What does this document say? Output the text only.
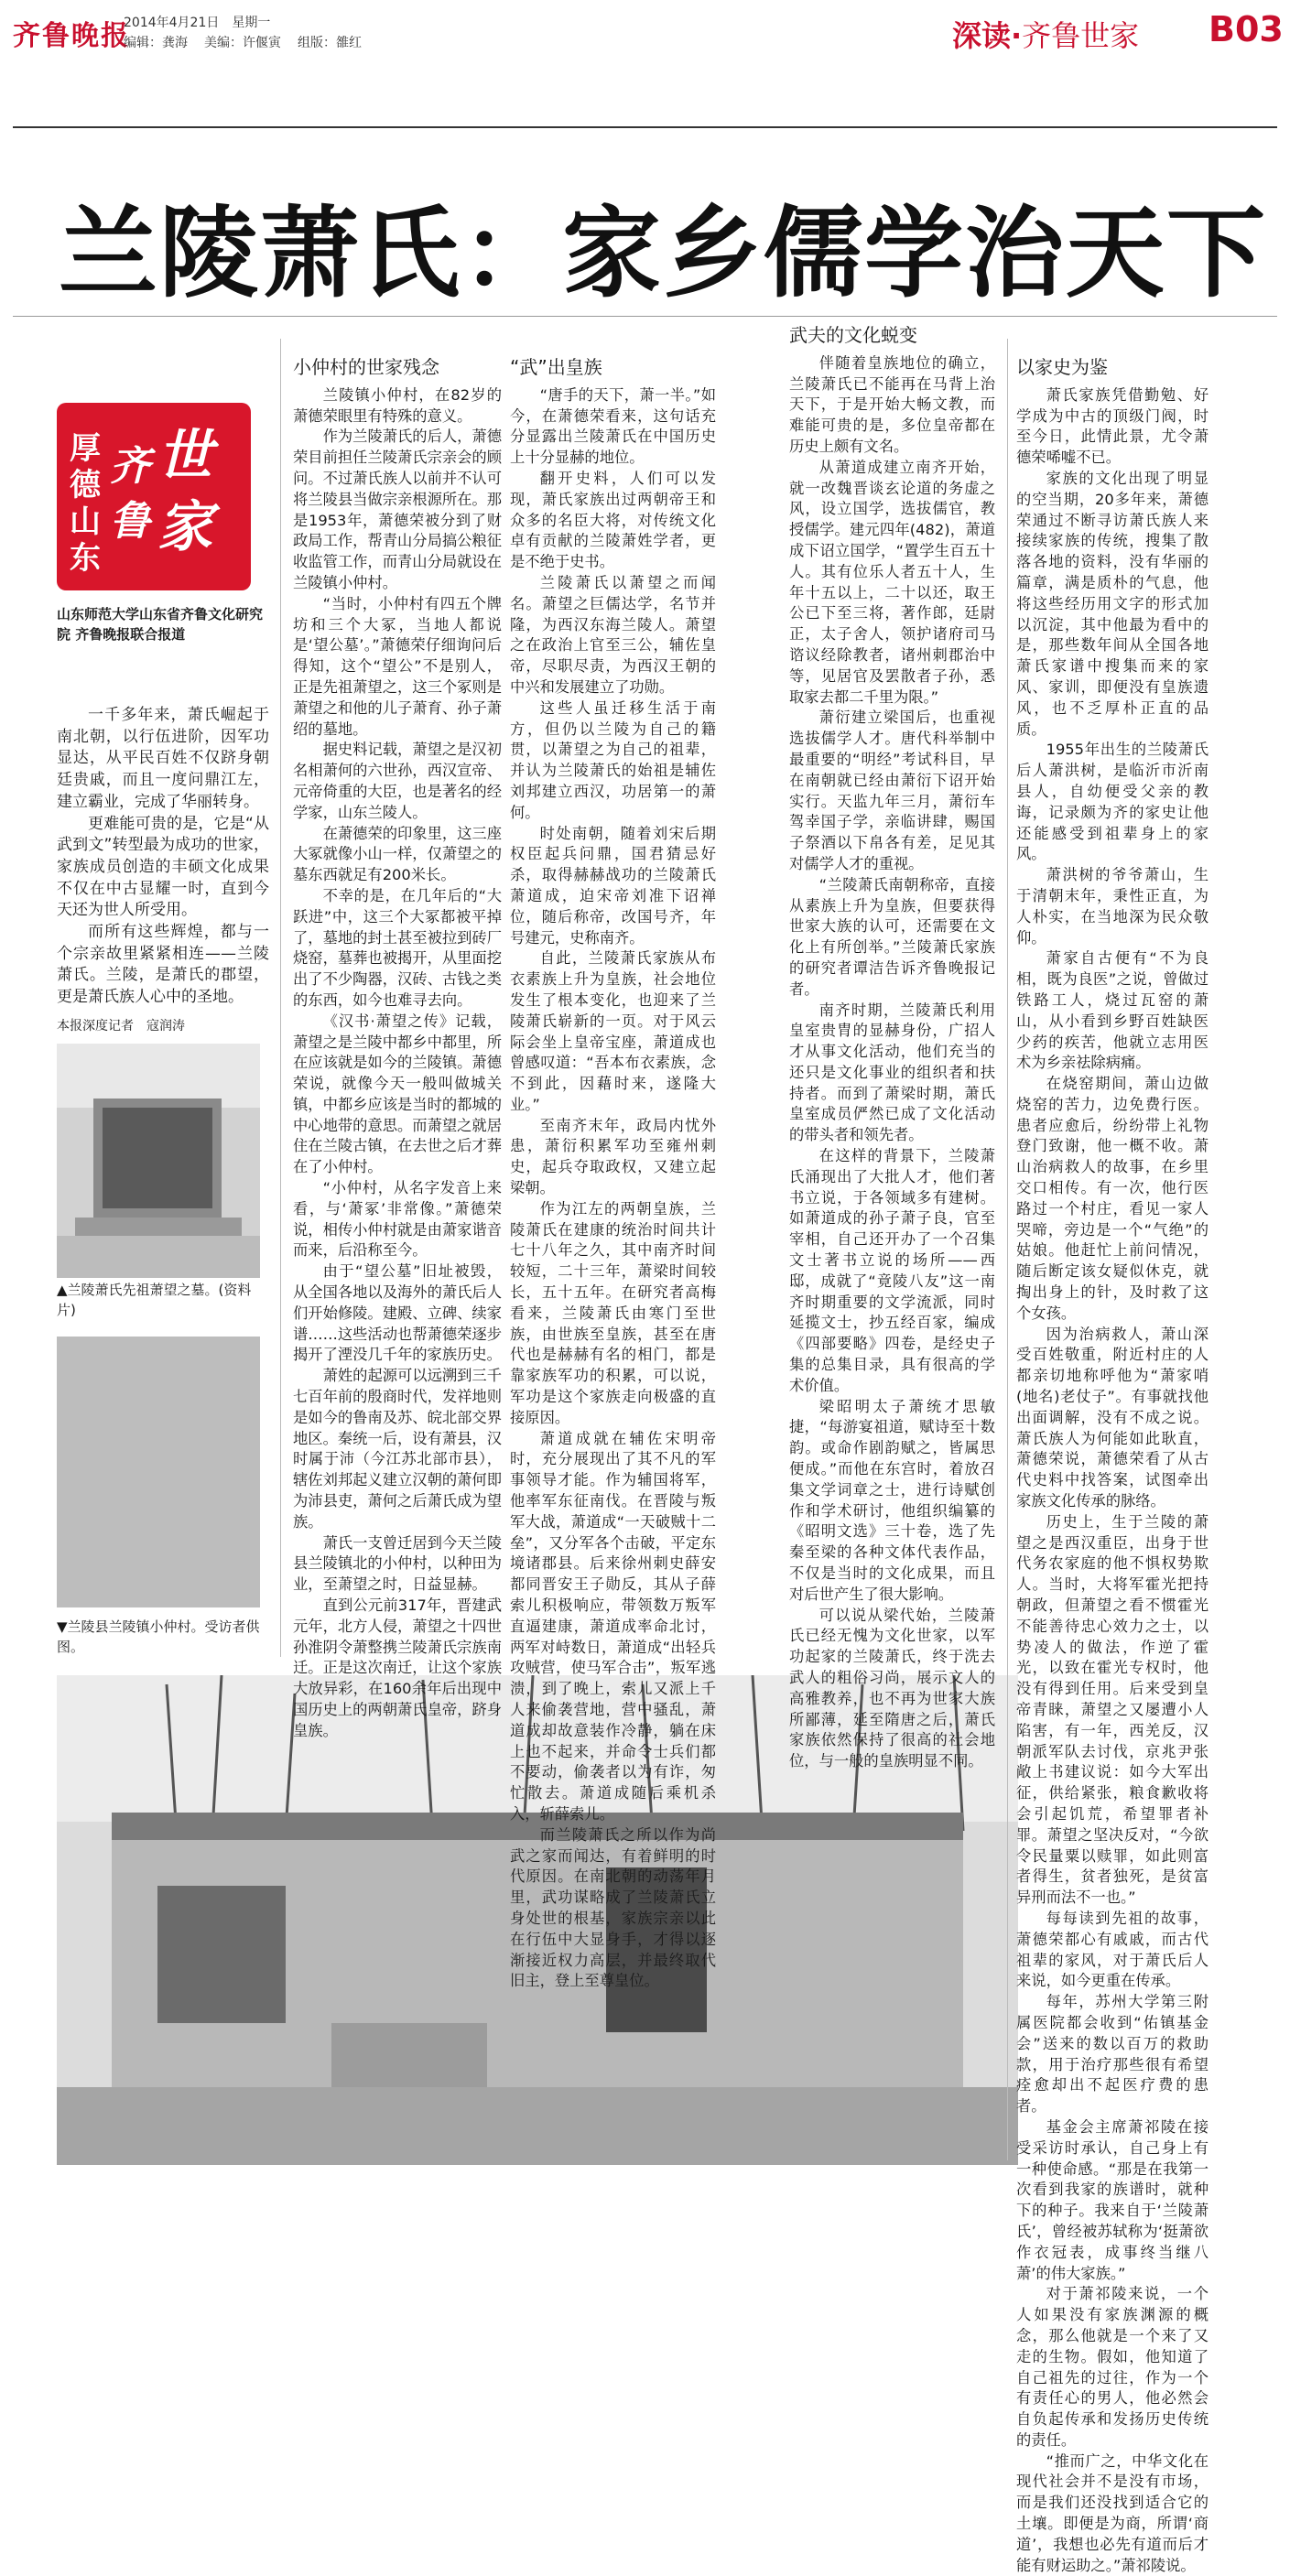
齐鲁晚报
2014年4月21日 星期一
编辑：龚海 美编：许偃寅 组版：雒红	深读·齐鲁世家 B03
兰陵萧氏：家乡儒学治天下
厚德山东
齐鲁
世
家
山东师范大学山东省齐鲁文化研究院 齐鲁晚报联合报道

一千多年来，萧氏崛起于南北朝，以行伍进阶，因军功显达，从平民百姓不仅跻身朝廷贵戚，而且一度问鼎江左，建立霸业，完成了华丽转身。

更难能可贵的是，它是“从武到文”转型最为成功的世家，家族成员创造的丰硕文化成果不仅在中古显耀一时，直到今天还为世人所受用。

而所有这些辉煌，都与一个宗亲故里紧紧相连——兰陵萧氏。兰陵，是萧氏的郡望，更是萧氏族人心中的圣地。

本报深度记者　寇润涛
▲兰陵萧氏先祖萧望之墓。(资料片)
▼兰陵县兰陵镇小仲村。受访者供图。
小仲村的世家残念

兰陵镇小仲村，在82岁的萧德荣眼里有特殊的意义。

作为兰陵萧氏的后人，萧德荣目前担任兰陵萧氏宗亲会的顾问。不过萧氏族人以前并不认可将兰陵县当做宗亲根源所在。那是1953年，萧德荣被分到了财政局工作，帮青山分局搞公粮征收监管工作，而青山分局就设在兰陵镇小仲村。

“当时，小仲村有四五个牌坊和三个大冢，当地人都说是‘望公墓’。”萧德荣仔细询问后得知，这个“望公”不是别人，正是先祖萧望之，这三个冢则是萧望之和他的儿子萧育、孙子萧绍的墓地。

据史料记载，萧望之是汉初名相萧何的六世孙，西汉宣帝、元帝倚重的大臣，也是著名的经学家，山东兰陵人。

在萧德荣的印象里，这三座大冢就像小山一样，仅萧望之的墓东西就足有200米长。

不幸的是，在几年后的“大跃进”中，这三个大冢都被平掉了，墓地的封土甚至被拉到砖厂烧窑，墓葬也被揭开，从里面挖出了不少陶器，汉砖、古钱之类的东西，如今也难寻去向。

《汉书·萧望之传》记载，萧望之是兰陵中都乡中都里，所在应该就是如今的兰陵镇。萧德荣说，就像今天一般叫做城关镇，中都乡应该是当时的都城的中心地带的意思。而萧望之就居住在兰陵古镇，在去世之后才葬在了小仲村。

“小仲村，从名字发音上来看，与‘萧冢’非常像。”萧德荣说，相传小仲村就是由萧家谐音而来，后沿称至今。

由于“望公墓”旧址被毁，从全国各地以及海外的萧氏后人们开始修陵。建殿、立碑、续家谱……这些活动也帮萧德荣逐步揭开了湮没几千年的家族历史。

萧姓的起源可以远溯到三千七百年前的殷商时代，发祥地则是如今的鲁南及苏、皖北部交界地区。秦统一后，设有萧县，汉时属于沛（今江苏北部市县），辖佐刘邦起义建立汉朝的萧何即为沛县吏，萧何之后萧氏成为望族。

萧氏一支曾迁居到今天兰陵县兰陵镇北的小仲村，以种田为业，至萧望之时，日益显赫。

直到公元前317年，晋建武元年，北方人侵，萧望之十四世孙淮阴令萧整携兰陵萧氏宗族南迁。正是这次南迁，让这个家族大放异彩，在160余年后出现中国历史上的两朝萧氏皇帝，跻身皇族。

“武”出皇族

“唐手的天下，萧一半。”如今，在萧德荣看来，这句话充分显露出兰陵萧氏在中国历史上十分显赫的地位。

翻开史料，人们可以发现，萧氏家族出过两朝帝王和众多的名臣大将，对传统文化卓有贡献的兰陵萧姓学者，更是不绝于史书。

兰陵萧氏以萧望之而闻名。萧望之巨儒达学，名节并隆，为西汉东海兰陵人。萧望之在政治上官至三公，辅佐皇帝，尽职尽责，为西汉王朝的中兴和发展建立了功勋。

这些人虽迁移生活于南方，但仍以兰陵为自己的籍贯，以萧望之为自己的祖辈，并认为兰陵萧氏的始祖是辅佐刘邦建立西汉，功居第一的萧何。

时处南朝，随着刘宋后期权臣起兵问鼎，国君猜忌好杀，取得赫赫战功的兰陵萧氏萧道成，迫宋帝刘准下诏禅位，随后称帝，改国号齐，年号建元，史称南齐。

自此，兰陵萧氏家族从布衣素族上升为皇族，社会地位发生了根本变化，也迎来了兰陵萧氏崭新的一页。对于风云际会坐上皇帝宝座，萧道成也曾感叹道：“吾本布衣素族，念不到此，因藉时来，遂隆大业。”

至南齐末年，政局内忧外患，萧衍积累军功至雍州刺史，起兵夺取政权，又建立起梁朝。

作为江左的两朝皇族，兰陵萧氏在建康的统治时间共计七十八年之久，其中南齐时间较短，二十三年，萧梁时间较长，五十五年。在研究者高梅看来，兰陵萧氏由寒门至世族，由世族至皇族，甚至在唐代也是赫赫有名的相门，都是靠家族军功的积累，可以说，军功是这个家族走向极盛的直接原因。

萧道成就在辅佐宋明帝时，充分展现出了其不凡的军事领导才能。作为辅国将军，他率军东征南伐。在晋陵与叛军大战，萧道成“一天破贼十二垒”，又分军各个击破，平定东境诸郡县。后来徐州刺史薛安都同晋安王子勋反，其从子薛索儿积极响应，带领数万叛军直逼建康，萧道成率命北讨，两军对峙数日，萧道成“出轻兵攻贼营，使马军合击”，叛军逃溃，到了晚上，索儿又派上千人来偷袭营地，营中骚乱，萧道成却故意装作冷静，躺在床上也不起来，并命令士兵们都不要动，偷袭者以为有诈，匆忙散去。萧道成随后乘机杀入，斩薛索儿。

而兰陵萧氏之所以作为尚武之家而闻达，有着鲜明的时代原因。在南北朝的动荡年月里，武功谋略成了兰陵萧氏立身处世的根基，家族宗亲以此在行伍中大显身手，才得以逐渐接近权力高层，并最终取代旧主，登上至尊皇位。

武夫的文化蜕变

伴随着皇族地位的确立，兰陵萧氏已不能再在马背上治天下，于是开始大畅文教，而难能可贵的是，多位皇帝都在历史上颇有文名。

从萧道成建立南齐开始，就一改魏晋谈玄论道的务虚之风，设立国学，选拔儒官，教授儒学。建元四年(482)，萧道成下诏立国学，“置学生百五十人。其有位乐人者五十人，生年十五以上，二十以还，取王公已下至三将，著作郎，廷尉正，太子舍人，领护诸府司马谘议经除教者，诸州刺郡治中等，见居官及罢散者子孙，悉取家去都二千里为限。”

萧衍建立梁国后，也重视选拔儒学人才。唐代科举制中最重要的“明经”考试科目，早在南朝就已经由萧衍下诏开始实行。天监九年三月，萧衍车驾幸国子学，亲临讲肆，赐国子祭酒以下帛各有差，足见其对儒学人才的重视。

“兰陵萧氏南朝称帝，直接从素族上升为皇族，但要获得世家大族的认可，还需要在文化上有所创举。”兰陵萧氏家族的研究者谭洁告诉齐鲁晚报记者。

南齐时期，兰陵萧氏利用皇室贵胄的显赫身份，广招人才从事文化活动，他们充当的还只是文化事业的组织者和扶持者。而到了萧梁时期，萧氏皇室成员俨然已成了文化活动的带头者和领先者。

在这样的背景下，兰陵萧氏涌现出了大批人才，他们著书立说，于各领域多有建树。如萧道成的孙子萧子良，官至宰相，自己还开办了一个召集文士著书立说的场所——西邸，成就了“竟陵八友”这一南齐时期重要的文学流派，同时延揽文士，抄五经百家，编成《四部要略》四卷，是经史子集的总集目录，具有很高的学术价值。

梁昭明太子萧统才思敏捷，“每游宴祖道，赋诗至十数韵。或命作剧韵赋之，皆属思便成。”而他在东宫时，着放召集文学词章之士，进行诗赋创作和学术研讨，他组织编纂的《昭明文选》三十卷，选了先秦至梁的各种文体代表作品，不仅是当时的文化成果，而且对后世产生了很大影响。

可以说从梁代始，兰陵萧氏已经无愧为文化世家，以军功起家的兰陵萧氏，终于洗去武人的粗俗习尚，展示文人的高雅教养，也不再为世家大族所鄙薄，延至隋唐之后，萧氏家族依然保持了很高的社会地位，与一般的皇族明显不同。

以家史为鉴

萧氏家族凭借勤勉、好学成为中古的顶级门阀，时至今日，此情此景，尤令萧德荣唏嘘不已。

家族的文化出现了明显的空当期，20多年来，萧德荣通过不断寻访萧氏族人来接续家族的传统，搜集了散落各地的资料，没有华丽的篇章，满是质朴的气息，他将这些经历用文字的形式加以沉淀，其中他最为看中的是，那些数年间从全国各地萧氏家谱中搜集而来的家风、家训，即便没有皇族遗风，也不乏厚朴正直的品质。

1955年出生的兰陵萧氏后人萧洪树，是临沂市沂南县人，自幼便受父亲的教诲，记录颇为齐的家史让他还能感受到祖辈身上的家风。

萧洪树的爷爷萧山，生于清朝末年，秉性正直，为人朴实，在当地深为民众敬仰。

萧家自古便有“不为良相，既为良医”之说，曾做过铁路工人，烧过瓦窑的萧山，从小看到乡野百姓缺医少药的疾苦，他就立志用医术为乡亲祛除病痛。

在烧窑期间，萧山边做烧窑的苦力，边免费行医。患者应愈后，纷纷带上礼物登门致谢，他一概不收。萧山治病救人的故事，在乡里交口相传。有一次，他行医路过一个村庄，看见一家人哭啼，旁边是一个“气绝”的姑娘。他赶忙上前问情况，随后断定该女疑似休克，就掏出身上的针，及时救了这个女孩。

因为治病救人，萧山深受百姓敬重，附近村庄的人都亲切地称呼他为“萧家哨(地名)老仗子”。有事就找他出面调解，没有不成之说。萧氏族人为何能如此耿直，萧德荣说，萧德荣看了从古代史料中找答案，试图牵出家族文化传承的脉络。

历史上，生于兰陵的萧望之是西汉重臣，出身于世代务农家庭的他不惧权势欺人。当时，大将军霍光把持朝政，但萧望之看不惯霍光不能善待忠心效力之士，以势凌人的做法，作逆了霍光，以致在霍光专权时，他没有得到任用。后来受到皇帝青睐，萧望之又屡遭小人陷害，有一年，西羌反，汉朝派军队去讨伐，京兆尹张敞上书建议说：如今大军出征，供给紧张，粮食歉收将会引起饥荒，希望罪者补罪。萧望之坚决反对，“今欲令民量粟以赎罪，如此则富者得生，贫者独死，是贫富异刑而法不一也。”

每每读到先祖的故事，萧德荣都心有戚戚，而古代祖辈的家风，对于萧氏后人来说，如今更重在传承。

每年，苏州大学第三附属医院都会收到“佑镇基金会”送来的数以百万的救助款，用于治疗那些很有希望痊愈却出不起医疗费的患者。

基金会主席萧祁陵在接受采访时承认，自己身上有一种使命感。“那是在我第一次看到我家的族谱时，就种下的种子。我来自于‘兰陵萧氏’，曾经被苏轼称为‘挺萧欲作衣冠表，成事终当继八萧’的伟大家族。”

对于萧祁陵来说，一个人如果没有家族渊源的概念，那么他就是一个来了又走的生物。假如，他知道了自己祖先的过往，作为一个有责任心的男人，他必然会自负起传承和发扬历史传统的责任。

“推而广之，中华文化在现代社会并不是没有市场，而是我们还没找到适合它的土壤。即便是为商，所谓‘商道’，我想也必先有道而后才能有财运助之。”萧祁陵说。
